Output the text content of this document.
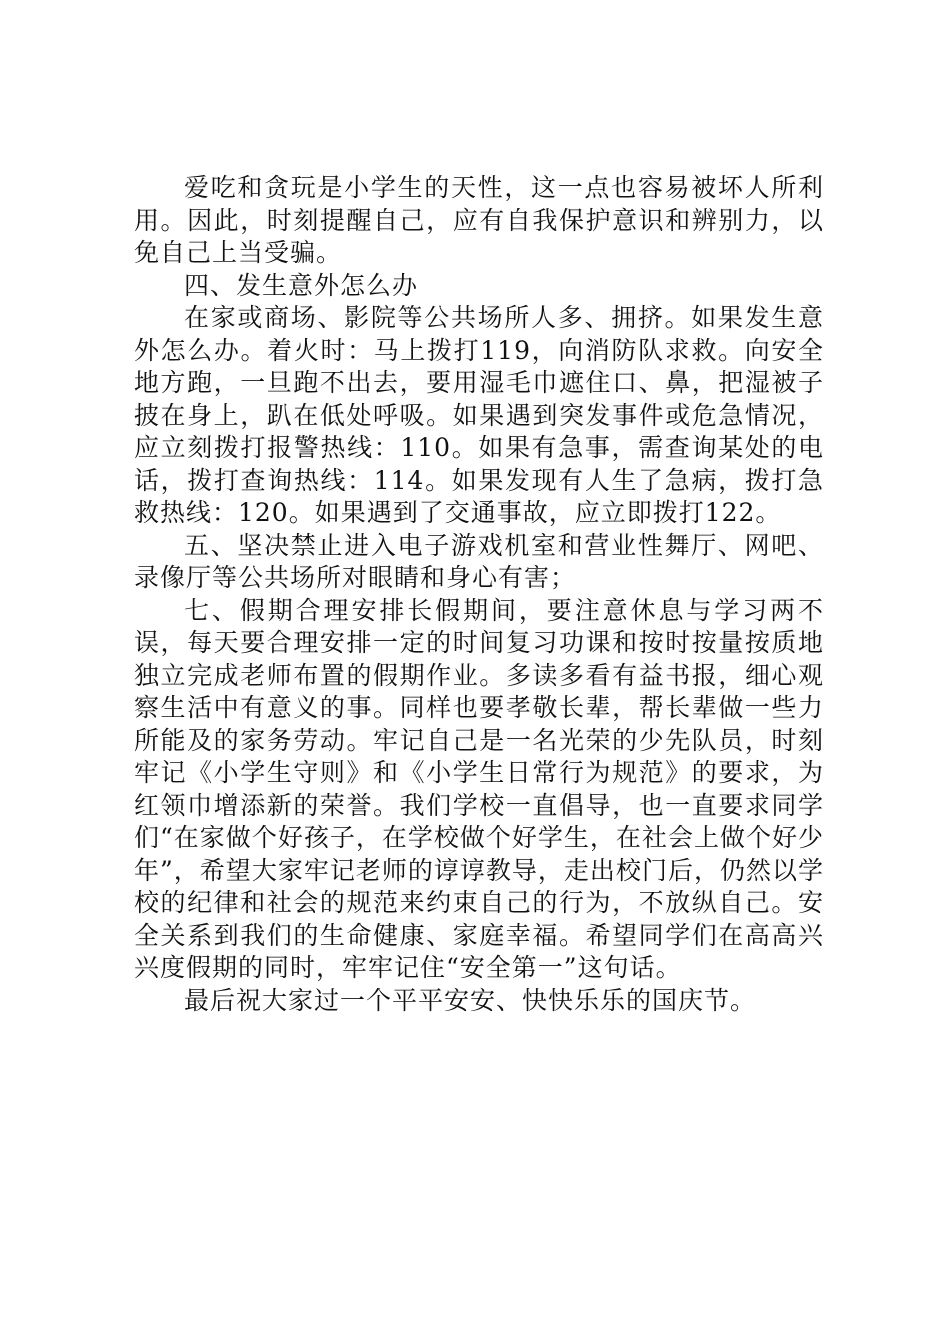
爱吃和贪玩是小学生的天性，这一点也容易被坏人所利用。因此，时刻提醒自己，应有自我保护意识和辨别力，以免自己上当受骗。

四、发生意外怎么办

在家或商场、影院等公共场所人多、拥挤。如果发生意外怎么办。着火时：马上拨打119，向消防队求救。向安全地方跑，一旦跑不出去，要用湿毛巾遮住口、鼻，把湿被子披在身上，趴在低处呼吸。如果遇到突发事件或危急情况，应立刻拨打报警热线：110。如果有急事，需查询某处的电话，拨打查询热线：114。如果发现有人生了急病，拨打急救热线：120。如果遇到了交通事故，应立即拨打122。

五、坚决禁止进入电子游戏机室和营业性舞厅、网吧、录像厅等公共场所对眼睛和身心有害；

七、假期合理安排长假期间，要注意休息与学习两不误，每天要合理安排一定的时间复习功课和按时按量按质地独立完成老师布置的假期作业。多读多看有益书报，细心观察生活中有意义的事。同样也要孝敬长辈，帮长辈做一些力所能及的家务劳动。牢记自己是一名光荣的少先队员，时刻牢记《小学生守则》和《小学生日常行为规范》的要求，为红领巾增添新的荣誉。我们学校一直倡导，也一直要求同学们“在家做个好孩子，在学校做个好学生，在社会上做个好少年”，希望大家牢记老师的谆谆教导，走出校门后，仍然以学校的纪律和社会的规范来约束自己的行为，不放纵自己。安全关系到我们的生命健康、家庭幸福。希望同学们在高高兴兴度假期的同时，牢牢记住“安全第一”这句话。

最后祝大家过一个平平安安、快快乐乐的国庆节。
